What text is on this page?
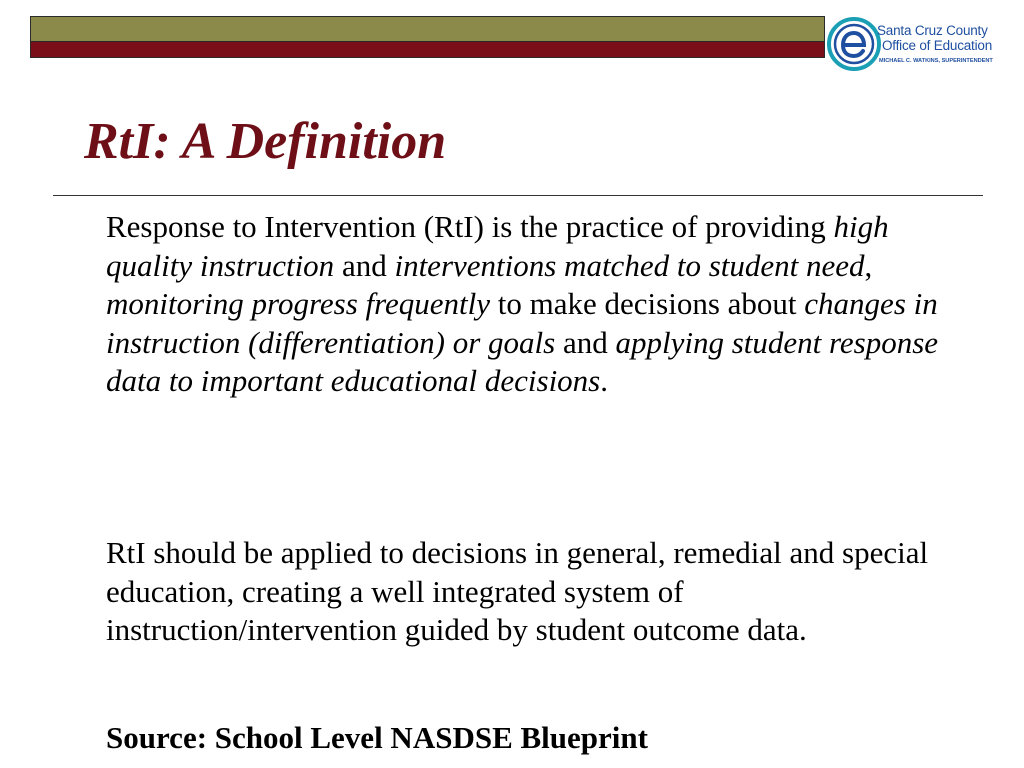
Santa Cruz County
Office of Education
MICHAEL C. WATKINS, SUPERINTENDENT
RtI: A Definition
Response to Intervention (RtI) is the practice of providing high quality instruction and interventions matched to student need, monitoring progress frequently to make decisions about changes in instruction (differentiation) or goals and applying student response data to important educational decisions.
RtI should be applied to decisions in general, remedial and special education, creating a well integrated system of instruction/intervention guided by student outcome data.
Source: School Level NASDSE Blueprint
